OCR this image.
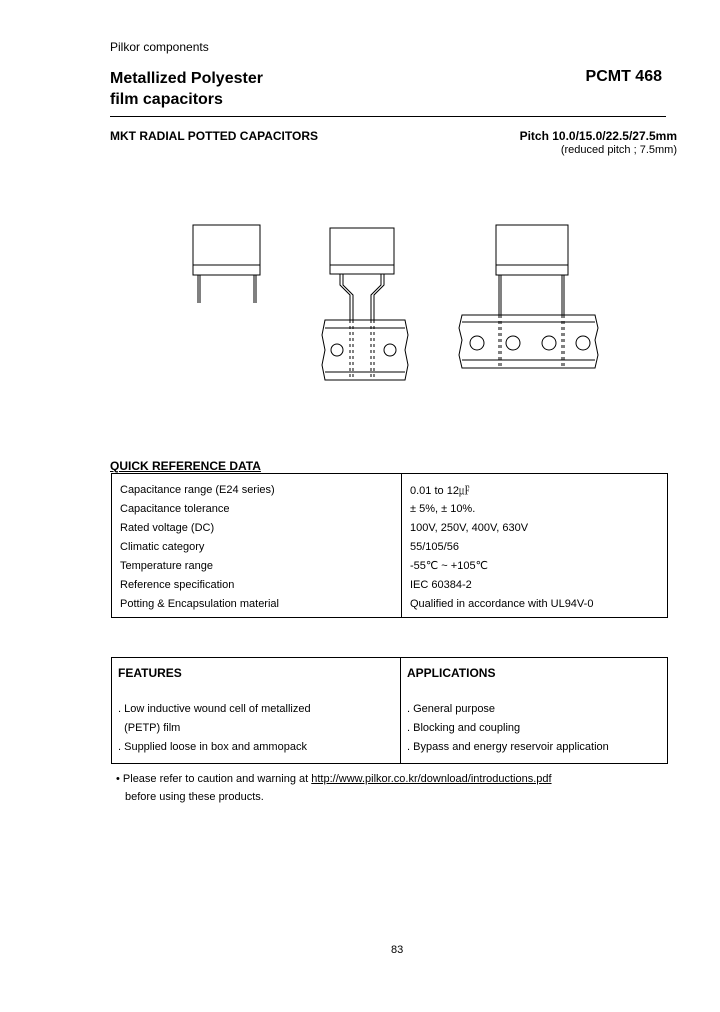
Pilkor components
Metallized Polyester
film capacitors
PCMT 468
MKT RADIAL POTTED CAPACITORS	Pitch 10.0/15.0/22.5/27.5mm
(reduced pitch ; 7.5mm)
QUICK REFERENCE DATA
Capacitance range (E24 series)	0.01 to 12㎌
Capacitance tolerance	± 5%, ± 10%.
Rated voltage (DC)	100V, 250V, 400V, 630V
Climatic category	55/105/56
Temperature range	-55℃ ~ +105℃
Reference specification	IEC 60384-2
Potting & Encapsulation material	Qualified in accordance with UL94V-0
FEATURES
. Low inductive wound cell of metallized
(PETP) film
. Supplied loose in box and ammopack

APPLICATIONS
. General purpose
. Blocking and coupling
. Bypass and energy reservoir application
• Please refer to caution and warning at http://www.pilkor.co.kr/download/introductions.pdf
before using these products.
83
